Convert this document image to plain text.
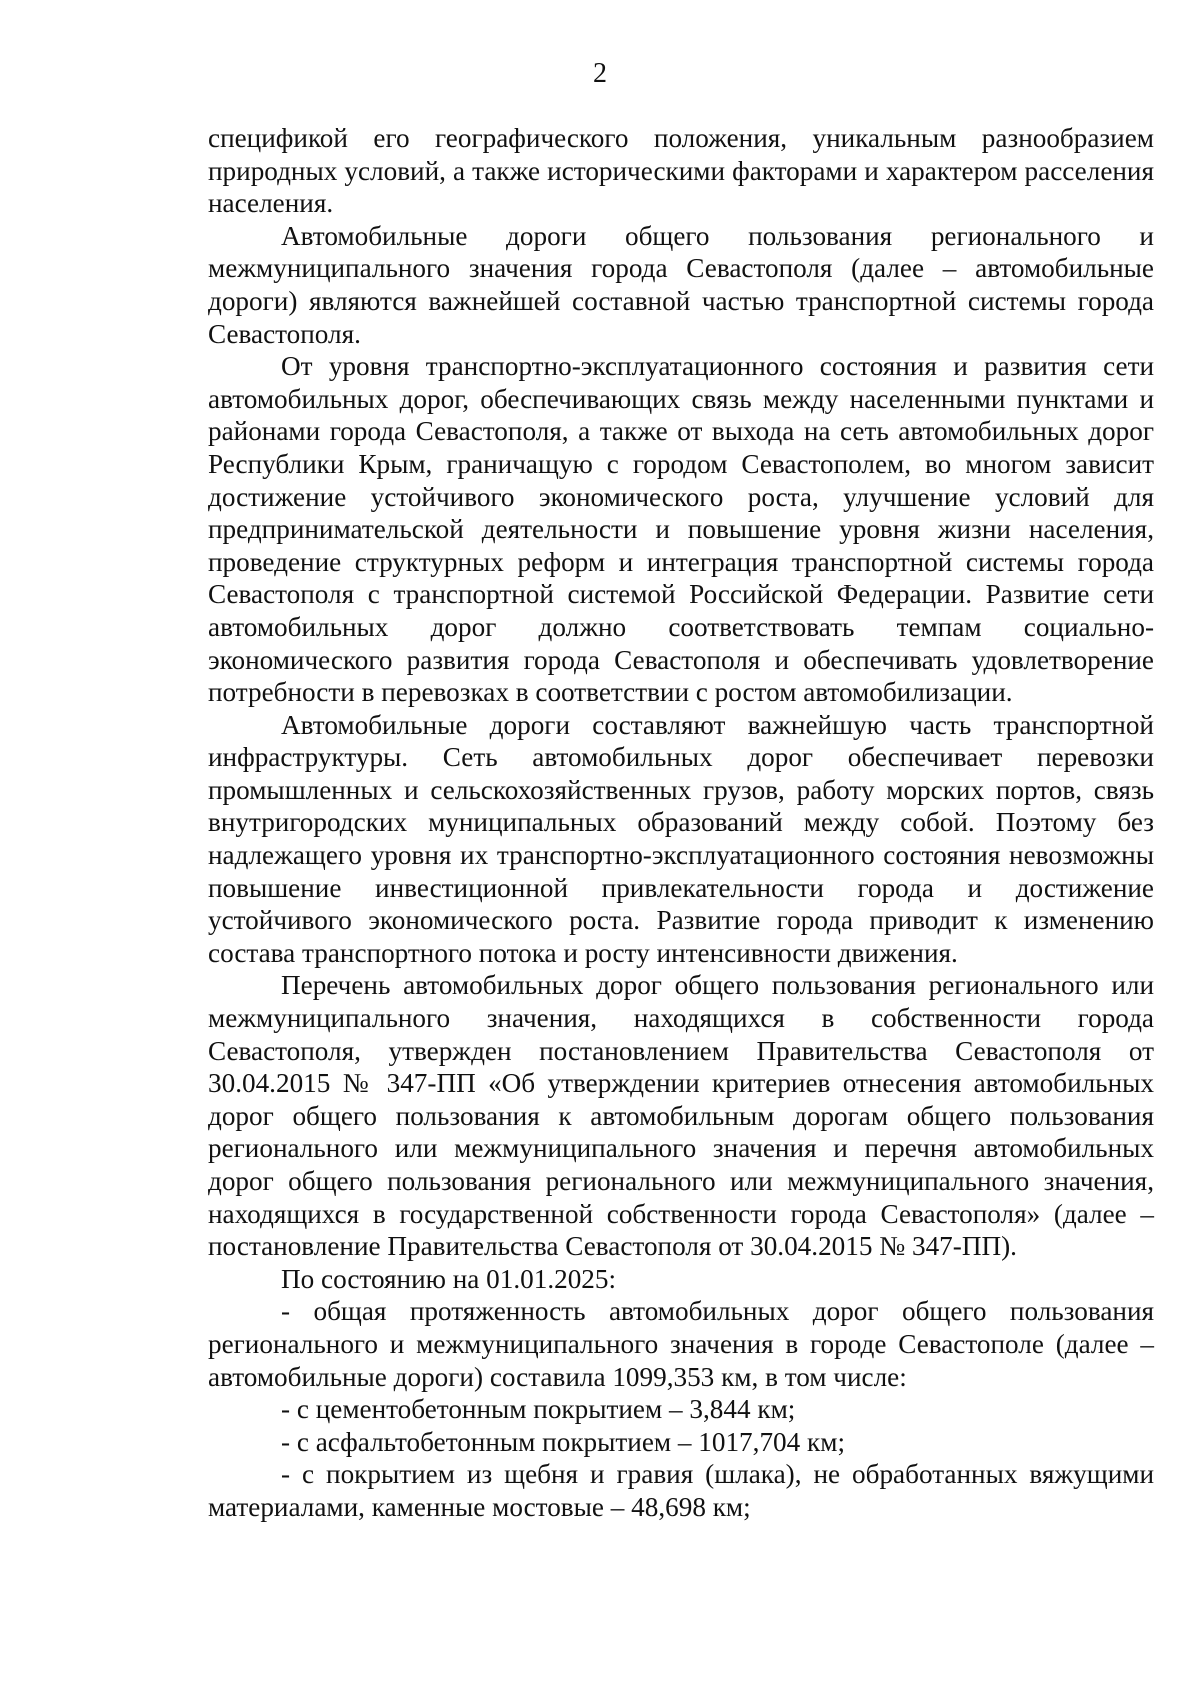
2

спецификой его географического положения, уникальным разнообразием природных условий, а также историческими факторами и характером расселения населения.

Автомобильные дороги общего пользования регионального и межмуниципального значения города Севастополя (далее – автомобильные дороги) являются важнейшей составной частью транспортной системы города Севастополя.

От уровня транспортно-эксплуатационного состояния и развития сети автомобильных дорог, обеспечивающих связь между населенными пунктами и районами города Севастополя, а также от выхода на сеть автомобильных дорог Республики Крым, граничащую с городом Севастополем, во многом зависит достижение устойчивого экономического роста, улучшение условий для предпринимательской деятельности и повышение уровня жизни населения, проведение структурных реформ и интеграция транспортной системы города Севастополя с транспортной системой Российской Федерации. Развитие сети автомобильных дорог должно соответствовать темпам социально-экономического развития города Севастополя и обеспечивать удовлетворение потребности в перевозках в соответствии с ростом автомобилизации.

Автомобильные дороги составляют важнейшую часть транспортной инфраструктуры. Сеть автомобильных дорог обеспечивает перевозки промышленных и сельскохозяйственных грузов, работу морских портов, связь внутригородских муниципальных образований между собой. Поэтому без надлежащего уровня их транспортно-эксплуатационного состояния невозможны повышение инвестиционной привлекательности города и достижение устойчивого экономического роста. Развитие города приводит к изменению состава транспортного потока и росту интенсивности движения.

Перечень автомобильных дорог общего пользования регионального или межмуниципального значения, находящихся в собственности города Севастополя, утвержден постановлением Правительства Севастополя от 30.04.2015 № 347-ПП «Об утверждении критериев отнесения автомобильных дорог общего пользования к автомобильным дорогам общего пользования регионального или межмуниципального значения и перечня автомобильных дорог общего пользования регионального или межмуниципального значения, находящихся в государственной собственности города Севастополя» (далее – постановление Правительства Севастополя от 30.04.2015 № 347-ПП).

По состоянию на 01.01.2025:

- общая протяженность автомобильных дорог общего пользования регионального и межмуниципального значения в городе Севастополе (далее – автомобильные дороги) составила 1099,353 км, в том числе:

- с цементобетонным покрытием – 3,844 км;

- с асфальтобетонным покрытием – 1017,704 км;

- с покрытием из щебня и гравия (шлака), не обработанных вяжущими материалами, каменные мостовые – 48,698 км;
